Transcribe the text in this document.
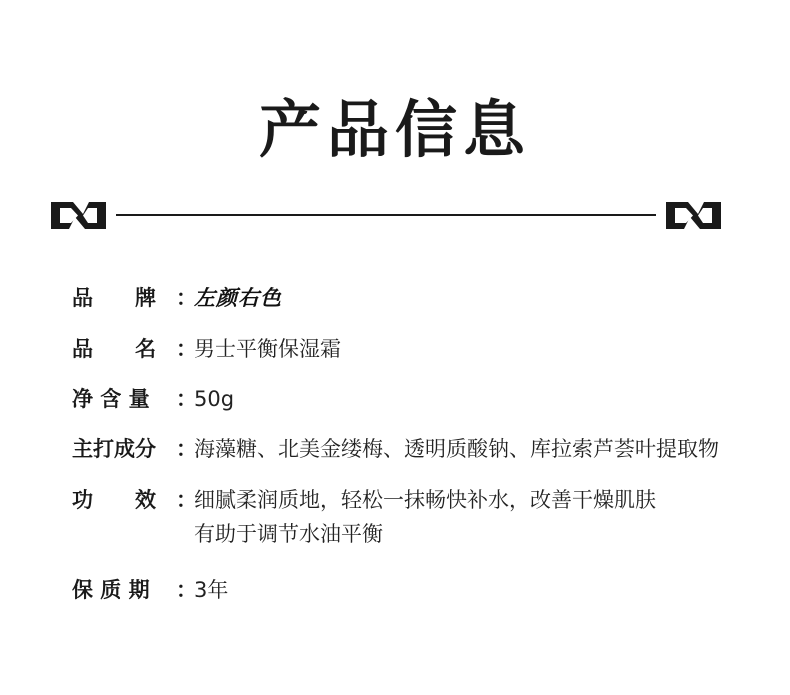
产品信息
品　　牌 ：
左颜右色
品　　名 ：
男士平衡保湿霜
净 含 量	：
50g
主打成分 ：
海藻糖、北美金缕梅、透明质酸钠、库拉索芦荟叶提取物
功　　效 ：
细腻柔润质地，轻松一抹畅快补水，改善干燥肌肤
有助于调节水油平衡
保 质 期	：
3年
